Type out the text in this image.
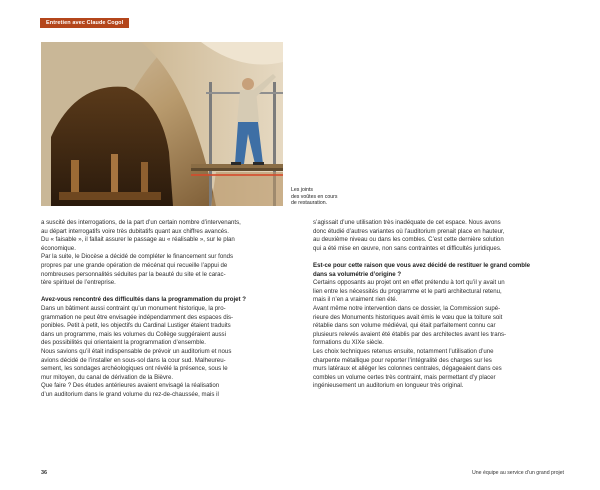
Entretien avec Claude Cogol
Les joints
des voûtes en cours
de restauration.
a suscité des interrogations, de la part d’un certain nombre d’intervenants,
au départ interrogatifs voire très dubitatifs quant aux chiffres avancés.
Du « faisable », il fallait assurer le passage au « réalisable », sur le plan
économique.
Par la suite, le Diocèse a décidé de compléter le financement sur fonds
propres par une grande opération de mécénat qui recueille l’appui de
nombreuses personnalités séduites par la beauté du site et le carac-
tère spirituel de l’entreprise.
Avez-vous rencontré des difficultés dans la programmation du projet ?
Dans un bâtiment aussi contraint qu’un monument historique, la pro-
grammation ne peut être envisagée indépendamment des espaces dis-
ponibles. Petit à petit, les objectifs du Cardinal Lustiger étaient traduits
dans un programme, mais les volumes du Collège suggéraient aussi
des possibilités qui orientaient la programmation d’ensemble.
Nous savions qu’il était indispensable de prévoir un auditorium et nous
avions décidé de l’installer en sous-sol dans la cour sud. Malheureu-
sement, les sondages archéologiques ont révélé la présence, sous le
mur mitoyen, du canal de dérivation de la Bièvre.
Que faire ? Des études antérieures avaient envisagé la réalisation
d’un auditorium dans le grand volume du rez-de-chaussée, mais il
s’agissait d’une utilisation très inadéquate de cet espace. Nous avons
donc étudié d’autres variantes où l’auditorium prenait place en hauteur,
au deuxième niveau ou dans les combles. C’est cette dernière solution
qui a été mise en œuvre, non sans contraintes et difficultés juridiques.
Est-ce pour cette raison que vous avez décidé de restituer le grand comble
dans sa volumétrie d’origine ?
Certains opposants au projet ont en effet prétendu à tort qu’il y avait un
lien entre les nécessités du programme et le parti architectural retenu,
mais il n’en a vraiment rien été.
Avant même notre intervention dans ce dossier, la Commission supé-
rieure des Monuments historiques avait émis le vœu que la toiture soit
rétablie dans son volume médiéval, qui était parfaitement connu car
plusieurs relevés avaient été établis par des architectes avant les trans-
formations du XIXe siècle.
Les choix techniques retenus ensuite, notamment l’utilisation d’une
charpente métallique pour reporter l’intégralité des charges sur les
murs latéraux et alléger les colonnes centrales, dégageaient dans ces
combles un volume certes très contraint, mais permettant d’y placer
ingénieusement un auditorium en longueur très original.
36	Une équipe au service d’un grand projet
